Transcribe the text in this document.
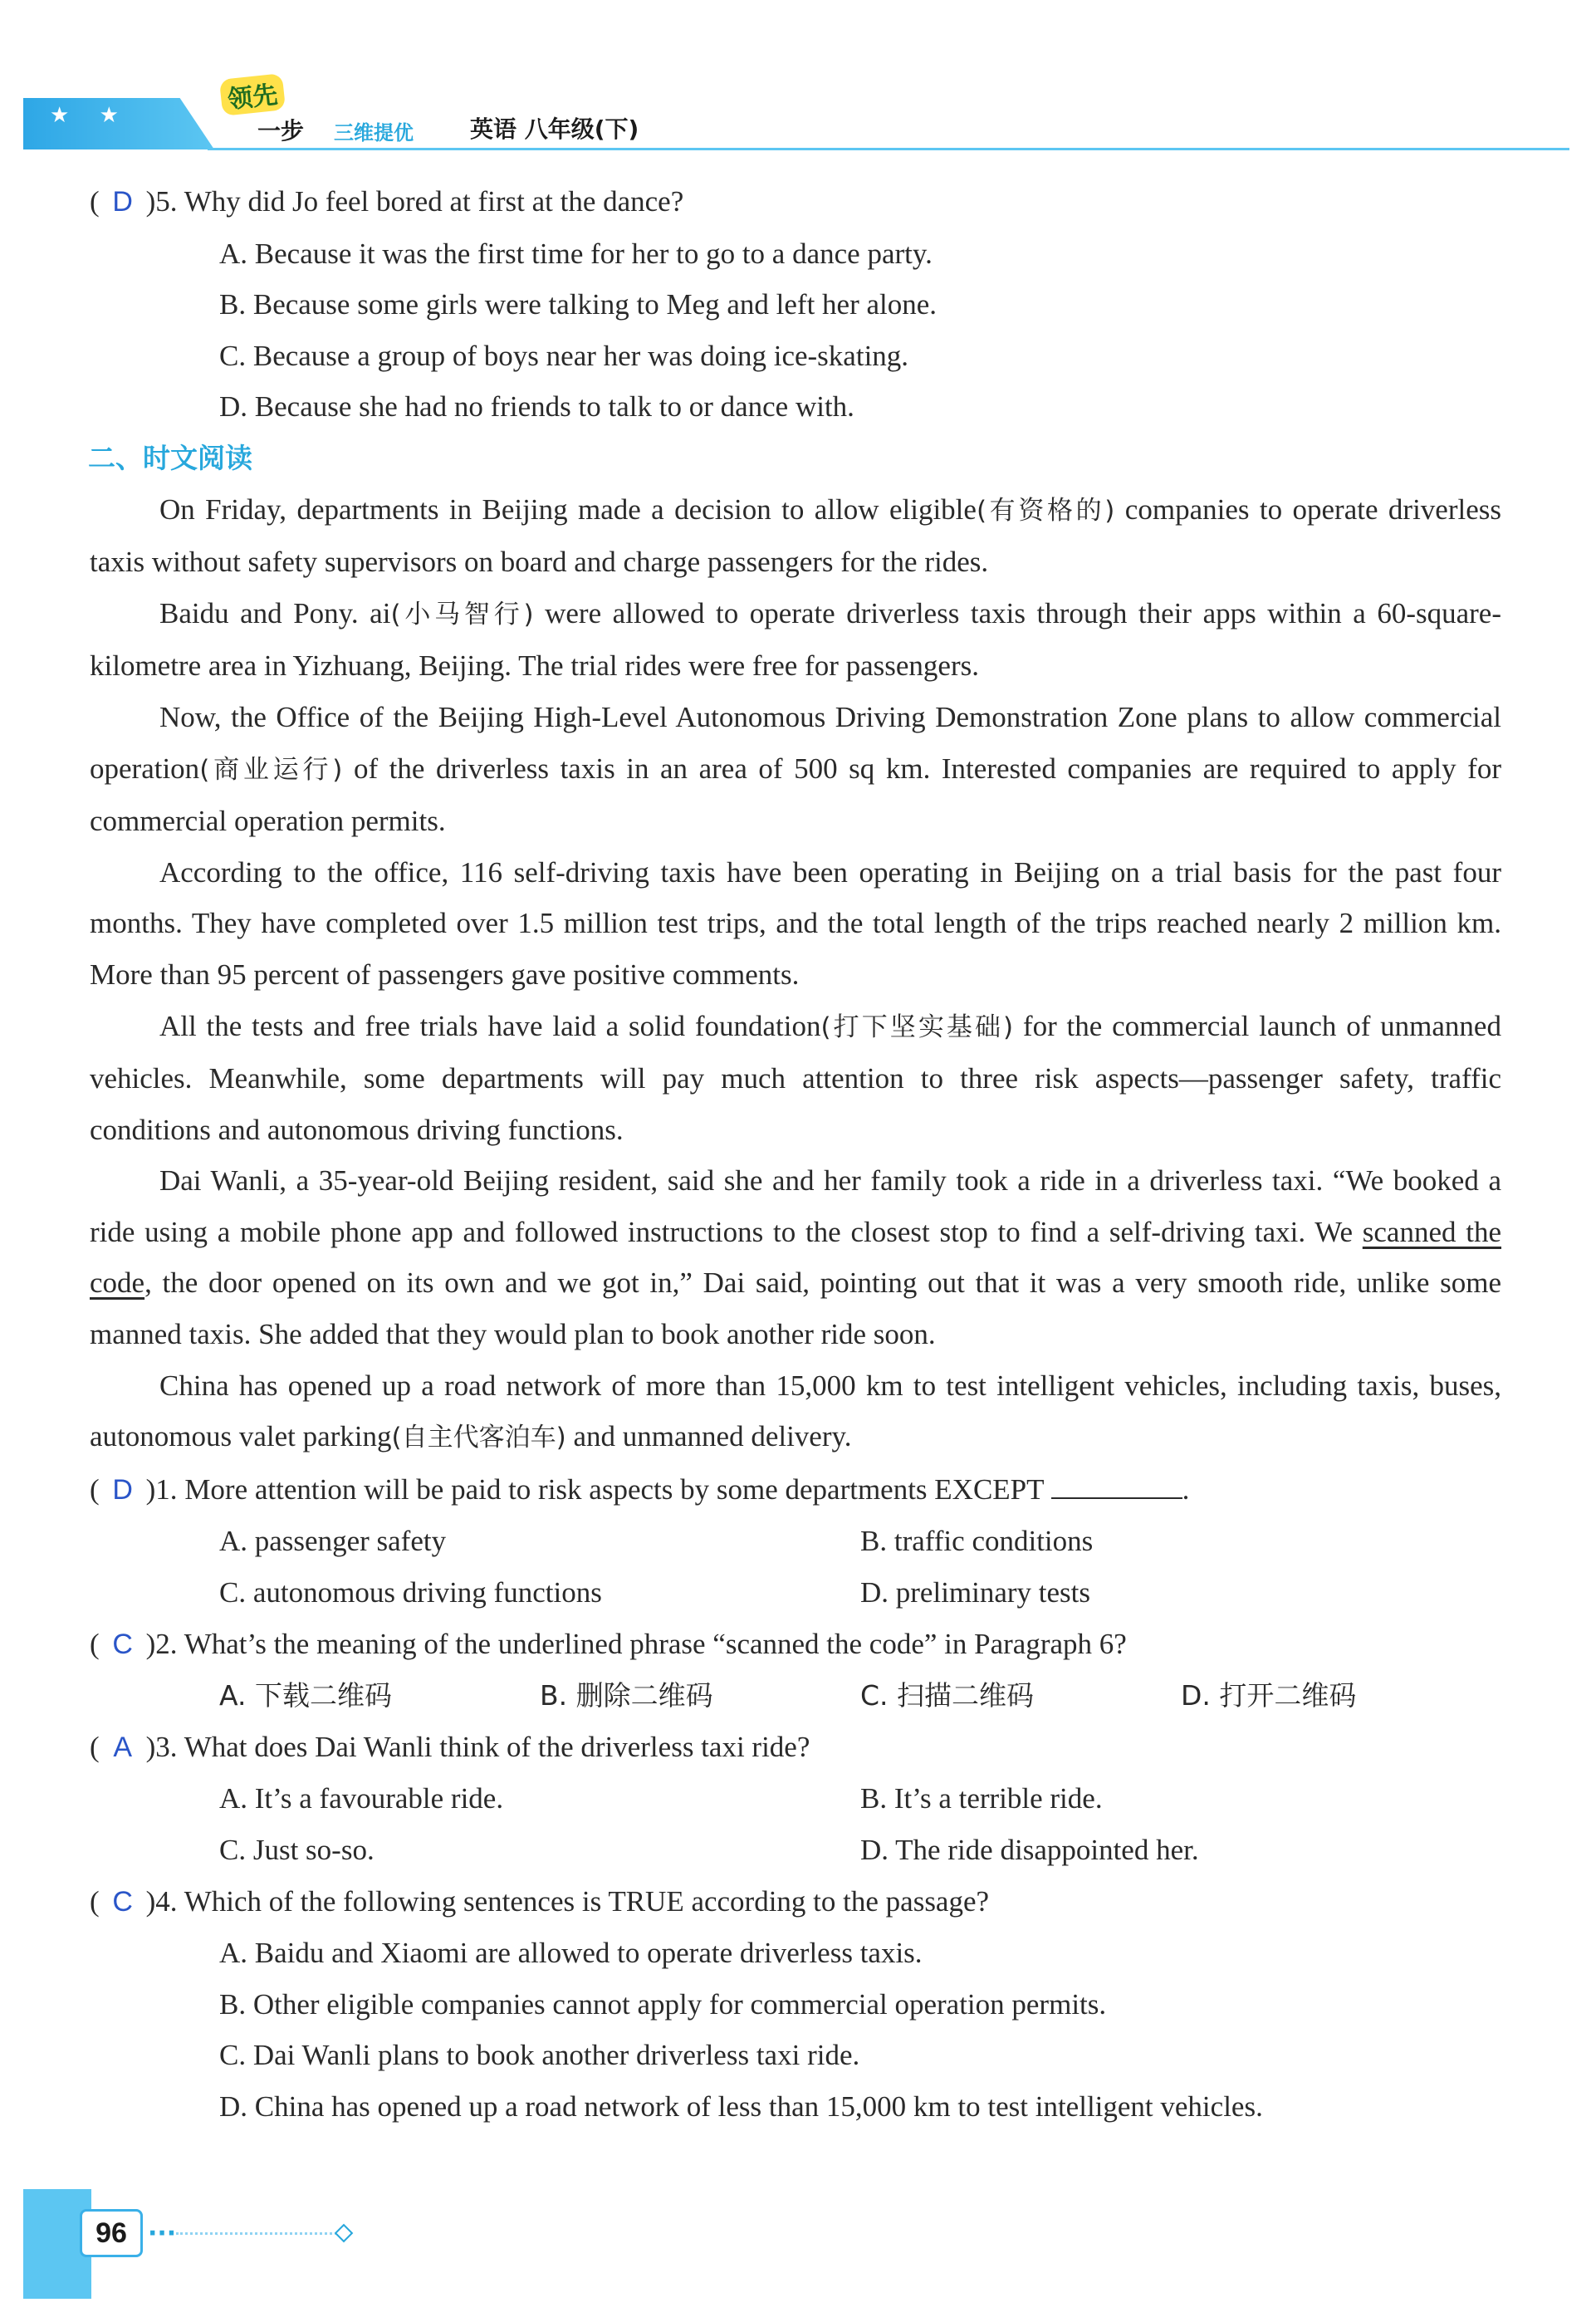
★ ★
领先
一步 三维提优 英语 八年级(下)
( D )5. Why did Jo feel bored at first at the dance?
A. Because it was the first time for her to go to a dance party.
B. Because some girls were talking to Meg and left her alone.
C. Because a group of boys near her was doing ice-skating.
D. Because she had no friends to talk to or dance with.
二、时文阅读

On Friday, departments in Beijing made a decision to allow eligible(有资格的) companies to operate driverless taxis without safety supervisors on board and charge passengers for the rides.

Baidu and Pony. ai(小马智行) were allowed to operate driverless taxis through their apps within a 60-square-kilometre area in Yizhuang, Beijing. The trial rides were free for passengers.

Now, the Office of the Beijing High-Level Autonomous Driving Demonstration Zone plans to allow commercial operation(商业运行) of the driverless taxis in an area of 500 sq km. Interested companies are required to apply for commercial operation permits.

According to the office, 116 self-driving taxis have been operating in Beijing on a trial basis for the past four months. They have completed over 1.5 million test trips, and the total length of the trips reached nearly 2 million km. More than 95 percent of passengers gave positive comments.

All the tests and free trials have laid a solid foundation(打下坚实基础) for the commercial launch of unmanned vehicles. Meanwhile, some departments will pay much attention to three risk aspects—passenger safety, traffic conditions and autonomous driving functions.

Dai Wanli, a 35-year-old Beijing resident, said she and her family took a ride in a driverless taxi. “We booked a ride using a mobile phone app and followed instructions to the closest stop to find a self-driving taxi. We scanned the code, the door opened on its own and we got in,” Dai said, pointing out that it was a very smooth ride, unlike some manned taxis. She added that they would plan to book another ride soon.

China has opened up a road network of more than 15,000 km to test intelligent vehicles, including taxis, buses, autonomous valet parking(自主代客泊车) and unmanned delivery.

( D )1. More attention will be paid to risk aspects by some departments EXCEPT	.
A. passenger safety	B. traffic conditions
C. autonomous driving functions	D. preliminary tests
( C )2. What’s the meaning of the underlined phrase “scanned the code” in Paragraph 6?
A. 下载二维码	B. 删除二维码	C. 扫描二维码	D. 打开二维码
( A )3. What does Dai Wanli think of the driverless taxi ride?
A. It’s a favourable ride.	B. It’s a terrible ride.
C. Just so-so.	D. The ride disappointed her.
( C )4. Which of the following sentences is TRUE according to the passage?
A. Baidu and Xiaomi are allowed to operate driverless taxis.
B. Other eligible companies cannot apply for commercial operation permits.
C. Dai Wanli plans to book another driverless taxi ride.
D. China has opened up a road network of less than 15,000 km to test intelligent vehicles.
96 ···
